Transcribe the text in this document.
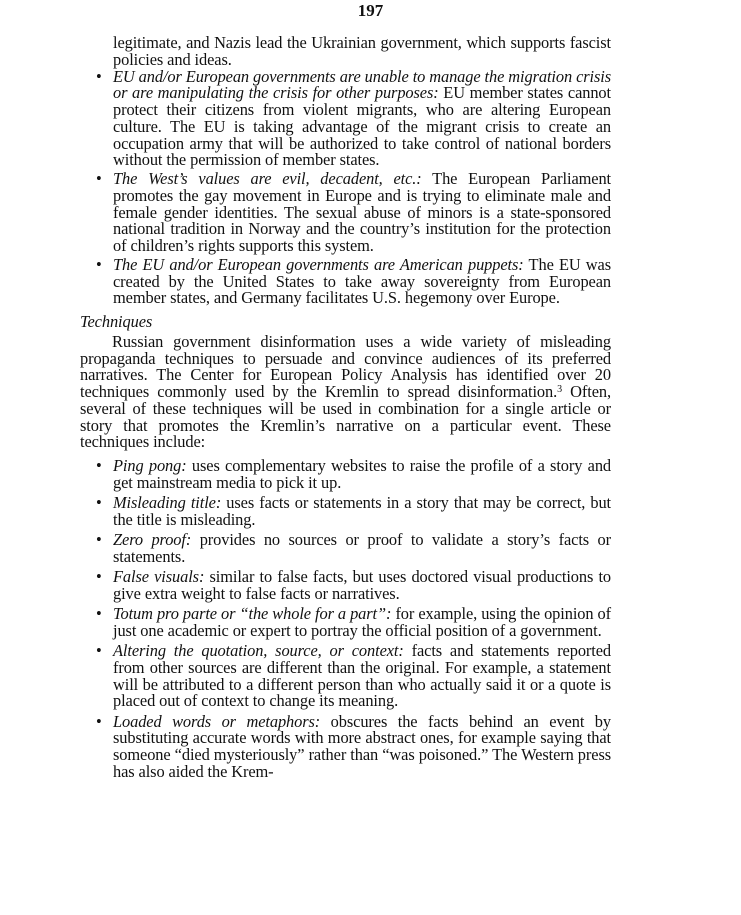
197

legitimate, and Nazis lead the Ukrainian government, which supports fascist policies and ideas.

• EU and/or European governments are unable to manage the migration crisis or are manipulating the crisis for other purposes: EU member states cannot protect their citizens from violent migrants, who are altering European culture. The EU is taking advantage of the migrant crisis to create an occupation army that will be authorized to take control of national borders without the permission of member states.
• The West’s values are evil, decadent, etc.: The European Parliament promotes the gay movement in Europe and is trying to eliminate male and female gender identities. The sexual abuse of minors is a state-sponsored national tradition in Norway and the country’s institution for the protection of children’s rights supports this system.
• The EU and/or European governments are American puppets: The EU was created by the United States to take away sovereignty from European member states, and Germany facilitates U.S. hegemony over Europe.
Techniques

Russian government disinformation uses a wide variety of misleading propaganda techniques to persuade and convince audiences of its preferred narratives. The Center for European Policy Analysis has identified over 20 techniques commonly used by the Kremlin to spread disinformation.$^3$ Often, several of these techniques will be used in combination for a single article or story that promotes the Kremlin’s narrative on a particular event. These techniques include:

• Ping pong: uses complementary websites to raise the profile of a story and get mainstream media to pick it up.
• Misleading title: uses facts or statements in a story that may be correct, but the title is misleading.
• Zero proof: provides no sources or proof to validate a story’s facts or statements.
• False visuals: similar to false facts, but uses doctored visual productions to give extra weight to false facts or narratives.
• Totum pro parte or “the whole for a part”: for example, using the opinion of just one academic or expert to portray the official position of a government.
• Altering the quotation, source, or context: facts and statements reported from other sources are different than the original. For example, a statement will be attributed to a different person than who actually said it or a quote is placed out of context to change its meaning.
• Loaded words or metaphors: obscures the facts behind an event by substituting accurate words with more abstract ones, for example saying that someone “died mysteriously” rather than “was poisoned.” The Western press has also aided the Krem-
